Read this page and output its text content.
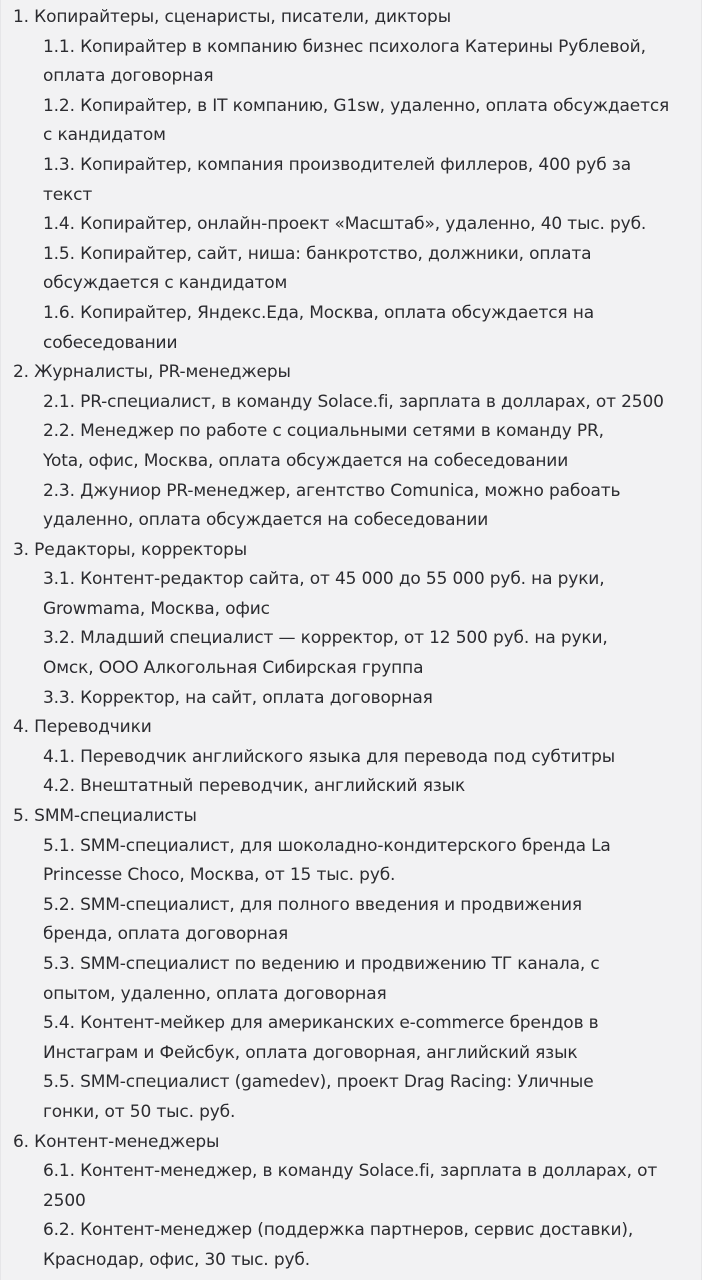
1. Копирайтеры, сценаристы, писатели, дикторы
1.1. Копирайтер в компанию бизнес психолога Катерины Рублевой,
оплата договорная
1.2. Копирайтер, в IT компанию, G1sw, удаленно, оплата обсуждается
с кандидатом
1.3. Копирайтер, компания производителей филлеров, 400 руб за
текст
1.4. Копирайтер, онлайн-проект «Масштаб», удаленно, 40 тыс. руб.
1.5. Копирайтер, сайт, ниша: банкротство, должники, оплата
обсуждается с кандидатом
1.6. Копирайтер, Яндекс.Еда, Москва, оплата обсуждается на
собеседовании
2. Журналисты, PR-менеджеры
2.1. PR-специалист, в команду Solace.fi, зарплата в долларах, от 2500
2.2. Менеджер по работе с социальными сетями в команду PR,
Yota, офис, Москва, оплата обсуждается на собеседовании
2.3. Джуниор PR-менеджер, агентство Comunica, можно рабоать
удаленно, оплата обсуждается на собеседовании
3. Редакторы, корректоры
3.1. Контент-редактор сайта, от 45 000 до 55 000 руб. на руки,
Growmama, Москва, офис
3.2. Младший специалист — корректор, от 12 500 руб. на руки,
Омск, ООО Алкогольная Сибирская группа
3.3. Корректор, на сайт, оплата договорная
4. Переводчики
4.1. Переводчик английского языка для перевода под субтитры
4.2. Внештатный переводчик, английский язык
5. SMM-специалисты
5.1. SMM-специалист, для шоколадно-кондитерского бренда La
Princesse Choco, Москва, от 15 тыс. руб.
5.2. SMM-специалист, для полного введения и продвижения
бренда, оплата договорная
5.3. SMM-специалист по ведению и продвижению ТГ канала, с
опытом, удаленно, оплата договорная
5.4. Контент-мейкер для американских e-commerce брендов в
Инстаграм и Фейсбук, оплата договорная, английский язык
5.5. SMM-специалист (gamedev), проект Drag Racing: Уличные
гонки, от 50 тыс. руб.
6. Контент-менеджеры
6.1. Контент-менеджер, в команду Solace.fi, зарплата в долларах, от
2500
6.2. Контент-менеджер (поддержка партнеров, сервис доставки),
Краснодар, офис, 30 тыс. руб.
